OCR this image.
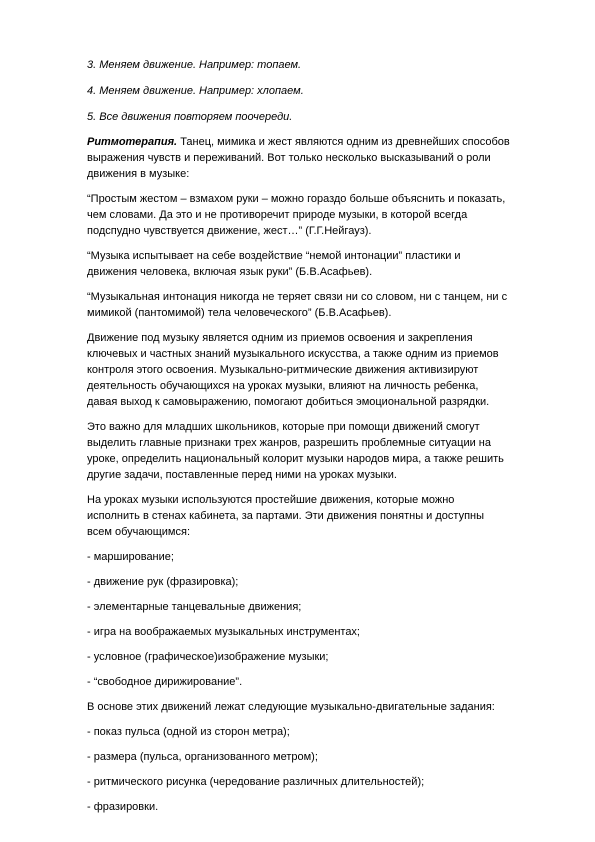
3. Меняем движение. Например: топаем.

4. Меняем движение. Например: хлопаем.

5. Все движения повторяем поочереди.

Ритмотерапия. Танец, мимика и жест являются одним из древнейших способов
выражения чувств и переживаний. Вот только несколько высказываний о роли
движения в музыке:

“Простым жестом – взмахом руки – можно гораздо больше объяснить и показать,
чем словами. Да это и не противоречит природе музыки, в которой всегда
подспудно чувствуется движение, жест…” (Г.Г.Нейгауз).

“Музыка испытывает на себе воздействие “немой интонации” пластики и
движения человека, включая язык руки” (Б.В.Асафьев).

“Музыкальная интонация никогда не теряет связи ни со словом, ни с танцем, ни с
мимикой (пантомимой) тела человеческого” (Б.В.Асафьев).

Движение под музыку является одним из приемов освоения и закрепления
ключевых и частных знаний музыкального искусства, а также одним из приемов
контроля этого освоения. Музыкально-ритмические движения активизируют
деятельность обучающихся на уроках музыки, влияют на личность ребенка,
давая выход к самовыражению, помогают добиться эмоциональной разрядки.

Это важно для младших школьников, которые при помощи движений смогут
выделить главные признаки трех жанров, разрешить проблемные ситуации на
уроке, определить национальный колорит музыки народов мира, а также решить
другие задачи, поставленные перед ними на уроках музыки.

На уроках музыки используются простейшие движения, которые можно
исполнить в стенах кабинета, за партами. Эти движения понятны и доступны
всем обучающимся:

- марширование;

- движение рук (фразировка);

- элементарные танцевальные движения;

- игра на воображаемых музыкальных инструментах;

- условное (графическое)изображение музыки;

- “свободное дирижирование”.

В основе этих движений лежат следующие музыкально-двигательные задания:

- показ пульса (одной из сторон метра);

- размера (пульса, организованного метром);

- ритмического рисунка (чередование различных длительностей);

- фразировки.
